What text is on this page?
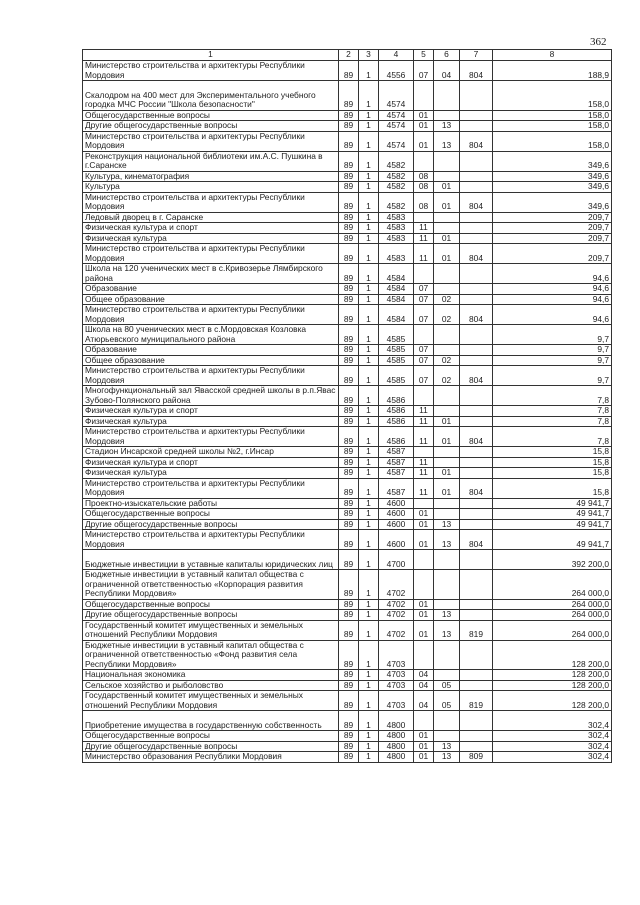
362
1	2	3	4	5	6	7	8
Министерство строительства и архитектуры Республики Мордовия	89	1	4556	07	04	804	188,9
Скалодром на 400 мест для Экспериментального учебного городка МЧС России "Школа безопасности"	89	1	4574				158,0
Общегосударственные вопросы	89	1	4574	01			158,0
Другие общегосударственные вопросы	89	1	4574	01	13		158,0
Министерство строительства и архитектуры Республики Мордовия	89	1	4574	01	13	804	158,0
Реконструкция национальной библиотеки им.А.С. Пушкина в г.Саранске	89	1	4582				349,6
Культура, кинематография	89	1	4582	08			349,6
Культура	89	1	4582	08	01		349,6
Министерство строительства и архитектуры Республики Мордовия	89	1	4582	08	01	804	349,6
Ледовый дворец в г. Саранске	89	1	4583				209,7
Физическая культура и спорт	89	1	4583	11			209,7
Физическая культура	89	1	4583	11	01		209,7
Министерство строительства и архитектуры Республики Мордовия	89	1	4583	11	01	804	209,7
Школа на 120 ученических мест в с.Кривозерье Лямбирского района	89	1	4584				94,6
Образование	89	1	4584	07			94,6
Общее образование	89	1	4584	07	02		94,6
Министерство строительства и архитектуры Республики Мордовия	89	1	4584	07	02	804	94,6
Школа на 80 ученических мест в с.Мордовская Козловка Атюрьевского муниципального района	89	1	4585				9,7
Образование	89	1	4585	07			9,7
Общее образование	89	1	4585	07	02		9,7
Министерство строительства и архитектуры Республики Мордовия	89	1	4585	07	02	804	9,7
Многофункциональный зал Явасской средней школы в р.п.Явас Зубово-Полянского района	89	1	4586				7,8
Физическая культура и спорт	89	1	4586	11			7,8
Физическая культура	89	1	4586	11	01		7,8
Министерство строительства и архитектуры Республики Мордовия	89	1	4586	11	01	804	7,8
Стадион Инсарской средней школы №2, г.Инсар	89	1	4587				15,8
Физическая культура и спорт	89	1	4587	11			15,8
Физическая культура	89	1	4587	11	01		15,8
Министерство строительства и архитектуры Республики Мордовия	89	1	4587	11	01	804	15,8
Проектно-изыскательские работы	89	1	4600				49 941,7
Общегосударственные вопросы	89	1	4600	01			49 941,7
Другие общегосударственные вопросы	89	1	4600	01	13		49 941,7
Министерство строительства и архитектуры Республики Мордовия	89	1	4600	01	13	804	49 941,7
Бюджетные инвестиции в уставные капиталы юридических лиц	89	1	4700				392 200,0
Бюджетные инвестиции в уставный капитал общества с ограниченной ответственностью «Корпорация развития Республики Мордовия»	89	1	4702				264 000,0
Общегосударственные вопросы	89	1	4702	01			264 000,0
Другие общегосударственные вопросы	89	1	4702	01	13		264 000,0
Государственный комитет имущественных и земельных отношений Республики Мордовия	89	1	4702	01	13	819	264 000,0
Бюджетные инвестиции в уставный капитал общества с ограниченной ответственностью «Фонд развития села Республики Мордовия»	89	1	4703				128 200,0
Национальная экономика	89	1	4703	04			128 200,0
Сельское хозяйство и рыболовство	89	1	4703	04	05		128 200,0
Государственный комитет имущественных и земельных отношений Республики Мордовия	89	1	4703	04	05	819	128 200,0
Приобретение имущества в государственную собственность	89	1	4800				302,4
Общегосударственные вопросы	89	1	4800	01			302,4
Другие общегосударственные вопросы	89	1	4800	01	13		302,4
Министерство образования Республики Мордовия	89	1	4800	01	13	809	302,4
